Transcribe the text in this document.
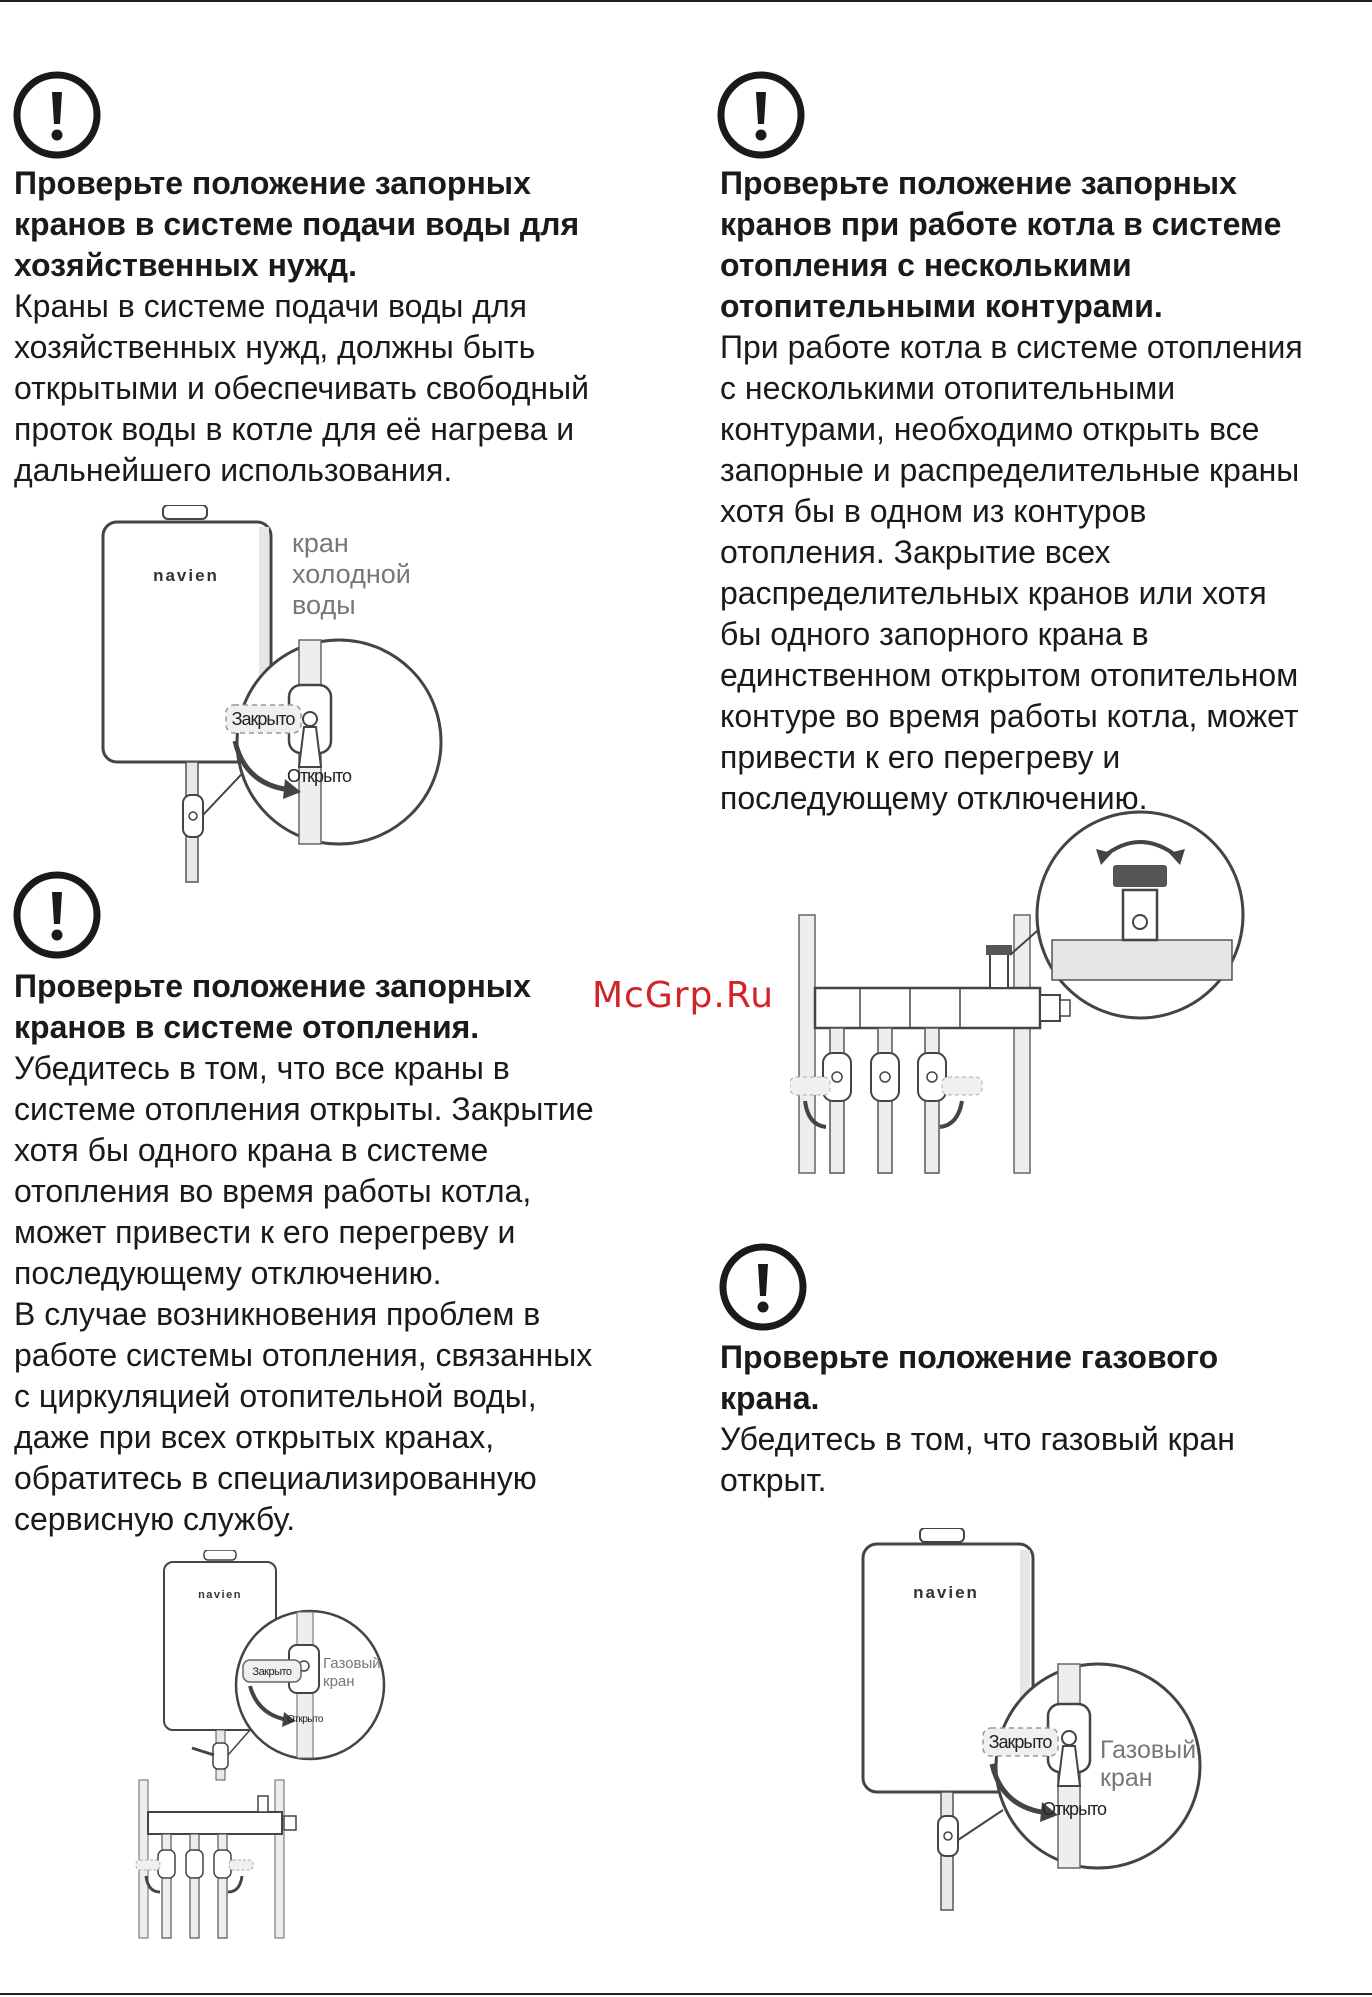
Проверьте положение запорных кранов в системе подачи воды для хозяйственных нужд.

Краны в системе подачи воды для хозяйственных нужд, должны быть открытыми и обеспечивать свободный проток воды в котле для её нагрева и дальнейшего использования.

navien
Закрыто
Открыто
кран
холодной
воды

Проверьте положение запорных кранов в системе отопления.

Убедитесь в том, что все краны в системе отопления открыты. Закрытие хотя бы одного крана в системе отопления во время работы котла, может привести к его перегреву и последующему отключению.

В случае возникновения проблем в работе системы отопления, связанных с циркуляцией отопительной воды, даже при всех открытых кранах, обратитесь в специализированную сервисную службу.

navien
Закрыто
Открыто
Газовый
кран

Проверьте положение запорных кранов при работе котла в системе отопления с несколькими отопительными контурами.

При работе котла в системе отопления с несколькими отопительными контурами, необходимо открыть все запорные и распределительные краны хотя бы в одном из контуров отопления. Закрытие всех распределительных кранов или хотя бы одного запорного крана в единственном открытом отопительном контуре во время работы котла, может привести к его перегреву и последующему отключению.

McGrp.Ru

Проверьте положение газового крана.

Убедитесь в том, что газовый кран открыт.

navien
Закрыто
Открыто
Газовый
кран
